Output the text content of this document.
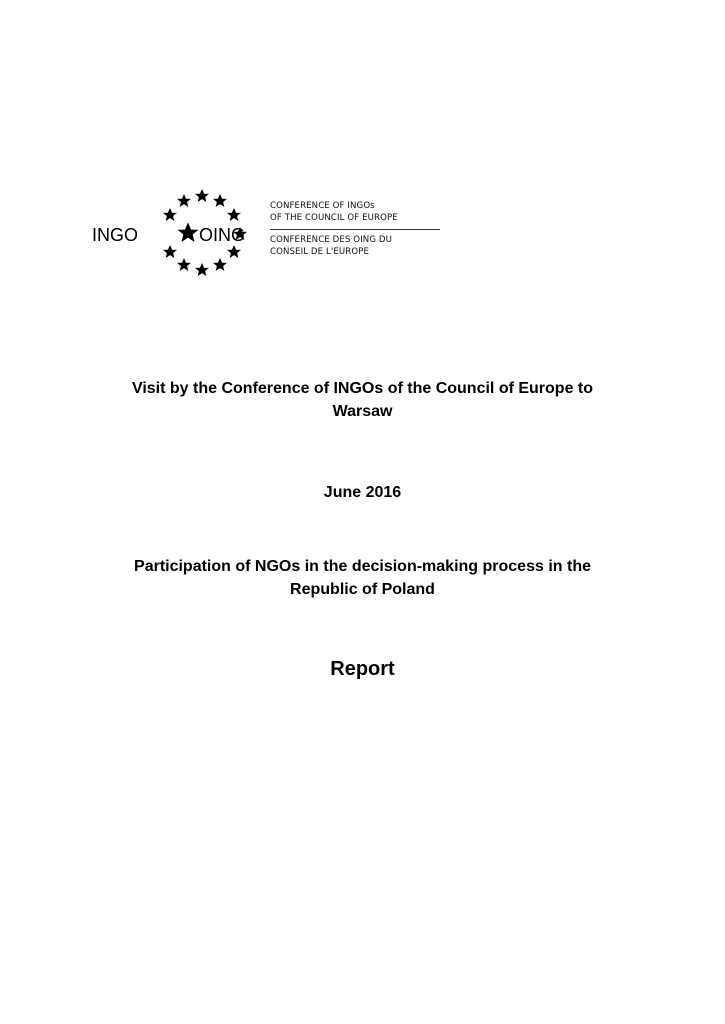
INGO	OING
CONFERENCE OF INGOs
OF THE COUNCIL OF EUROPE
CONFERENCE DES OING DU
CONSEIL DE L'EUROPE
Visit by the Conference of INGOs of the Council of Europe to
Warsaw
June 2016
Participation of NGOs in the decision-making process in the
Republic of Poland
Report
